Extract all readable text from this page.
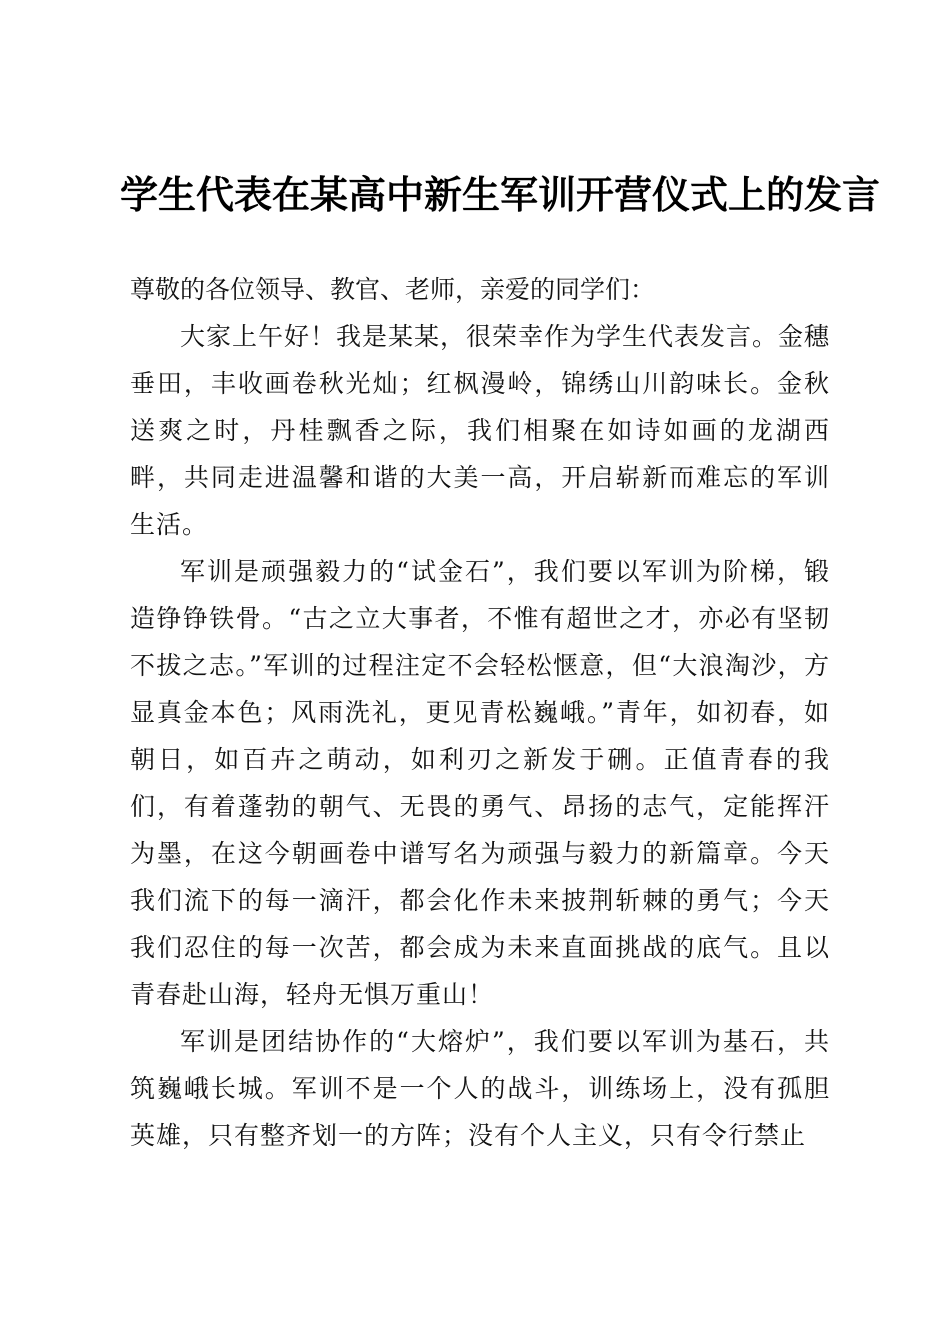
学生代表在某高中新生军训开营仪式上的发言

尊敬的各位领导、教官、老师，亲爱的同学们：

大家上午好！我是某某，很荣幸作为学生代表发言。金穗垂田，丰收画卷秋光灿；红枫漫岭，锦绣山川韵味长。金秋送爽之时，丹桂飘香之际，我们相聚在如诗如画的龙湖西畔，共同走进温馨和谐的大美一高，开启崭新而难忘的军训生活。

军训是顽强毅力的“试金石”，我们要以军训为阶梯，锻造铮铮铁骨。“古之立大事者，不惟有超世之才，亦必有坚韧不拔之志。”军训的过程注定不会轻松惬意，但“大浪淘沙，方显真金本色；风雨洗礼，更见青松巍峨。”青年，如初春，如朝日，如百卉之萌动，如利刃之新发于硎。正值青春的我们，有着蓬勃的朝气、无畏的勇气、昂扬的志气，定能挥汗为墨，在这今朝画卷中谱写名为顽强与毅力的新篇章。今天我们流下的每一滴汗，都会化作未来披荆斩棘的勇气；今天我们忍住的每一次苦，都会成为未来直面挑战的底气。且以青春赴山海，轻舟无惧万重山！

军训是团结协作的“大熔炉”，我们要以军训为基石，共筑巍峨长城。军训不是一个人的战斗，训练场上，没有孤胆英雄，只有整齐划一的方阵；没有个人主义，只有令行禁止
